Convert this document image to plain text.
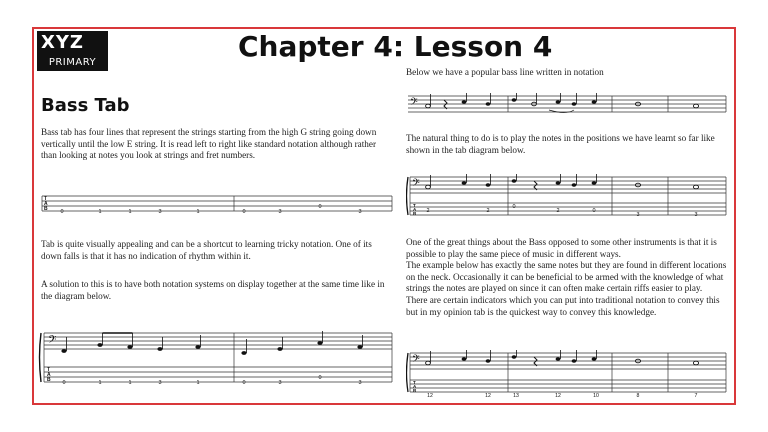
XYZ
PRIMARY	Chapter 4: Lesson 4
Bass Tab
Bass tab has four lines that represent the strings starting from the high G string going down vertically until the low E string. It is read left to right like standard notation although rather than looking at notes you look at strings and fret numbers.
Tab is quite visually appealing and can be a shortcut to learning tricky notation. One of its down falls is that it has no indication of rhythm within it.
A solution to this is to have both notation systems on display together at the same time like in the diagram below.
Below we have a popular bass line written in notation
The natural thing to do is to play the notes in the positions we have learnt so far like shown in the tab diagram below.
One of the great things about the Bass opposed to some other instruments is that it is possible to play the same piece of music in different ways.
The example below has exactly the same notes but they are found in different locations on the neck. Occasionally it can be beneficial to be armed with the knowledge of what strings the notes are played on since it can often make certain riffs easier to play.
There are certain indicators which you can put into traditional notation to convey this but in my opinion tab is the quickest way to convey this knowledge.
T
A
B 0	1	1	3	1	0	3
0
3
𝄢
T
A
B 0	1	1	3	1	0	3
0
3
𝄢
𝄢
T
A
B 2	2
0
2	0
3	3
𝄢
T
A
B
12	12	13	12	10	8	7
